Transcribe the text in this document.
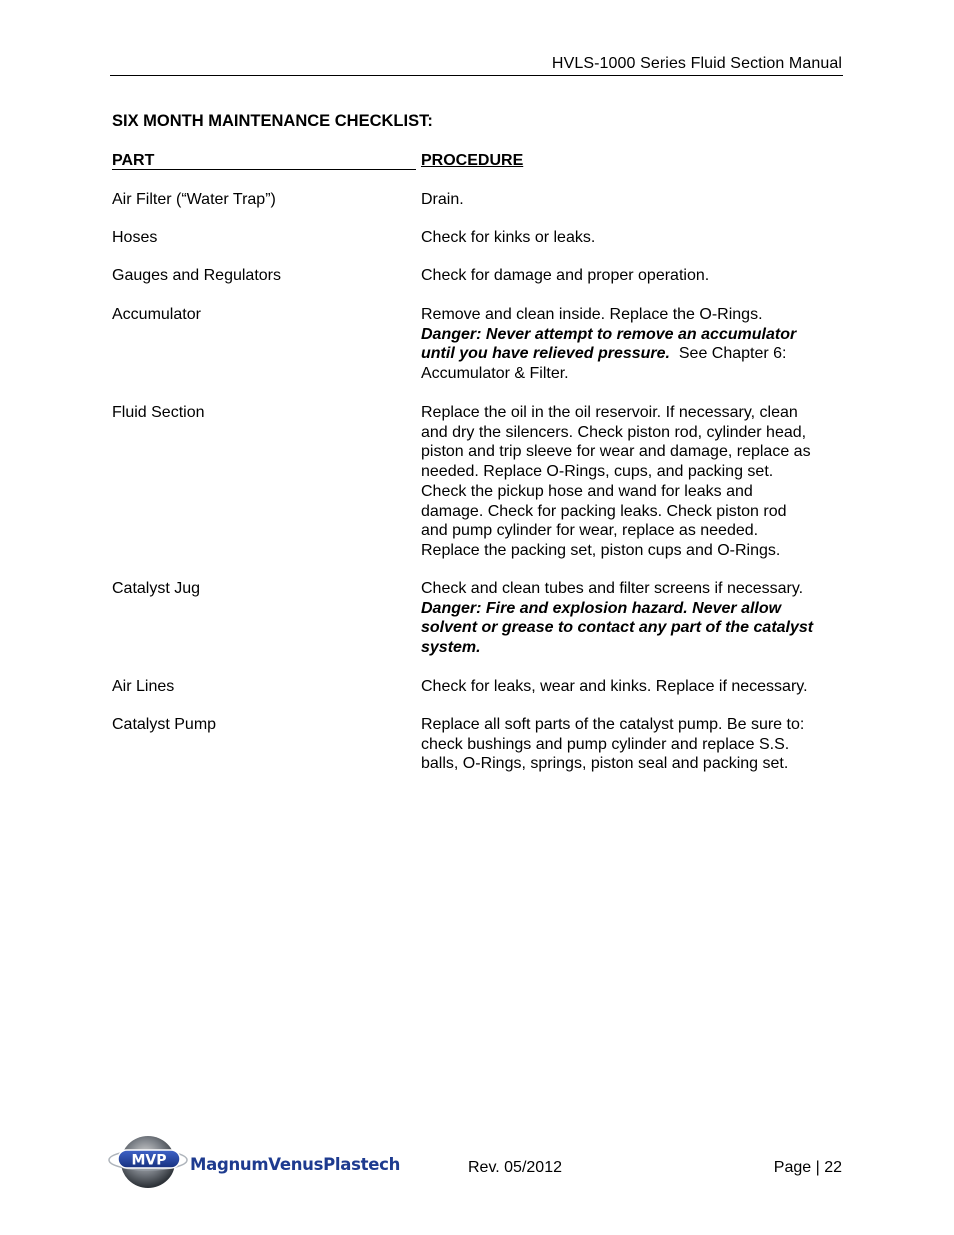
HVLS-1000 Series Fluid Section Manual
SIX MONTH MAINTENANCE CHECKLIST:
PART	PROCEDURE
Air Filter (“Water Trap”)	Drain.
Hoses	Check for kinks or leaks.
Gauges and Regulators	Check for damage and proper operation.
Accumulator	Remove and clean inside. Replace the O-Rings.
Danger: Never attempt to remove an accumulator
until you have relieved pressure.  See Chapter 6:
Accumulator & Filter.
Fluid Section	Replace the oil in the oil reservoir. If necessary, clean
and dry the silencers. Check piston rod, cylinder head,
piston and trip sleeve for wear and damage, replace as
needed. Replace O-Rings, cups, and packing set.
Check the pickup hose and wand for leaks and
damage. Check for packing leaks. Check piston rod
and pump cylinder for wear, replace as needed.
Replace the packing set, piston cups and O-Rings.
Catalyst Jug	Check and clean tubes and filter screens if necessary.
Danger: Fire and explosion hazard. Never allow
solvent or grease to contact any part of the catalyst
system.
Air Lines	Check for leaks, wear and kinks. Replace if necessary.
Catalyst Pump	Replace all soft parts of the catalyst pump. Be sure to:
check bushings and pump cylinder and replace S.S.
balls, O-Rings, springs, piston seal and packing set.
MVP MagnumVenusPlastech	Rev. 05/2012	Page | 22
